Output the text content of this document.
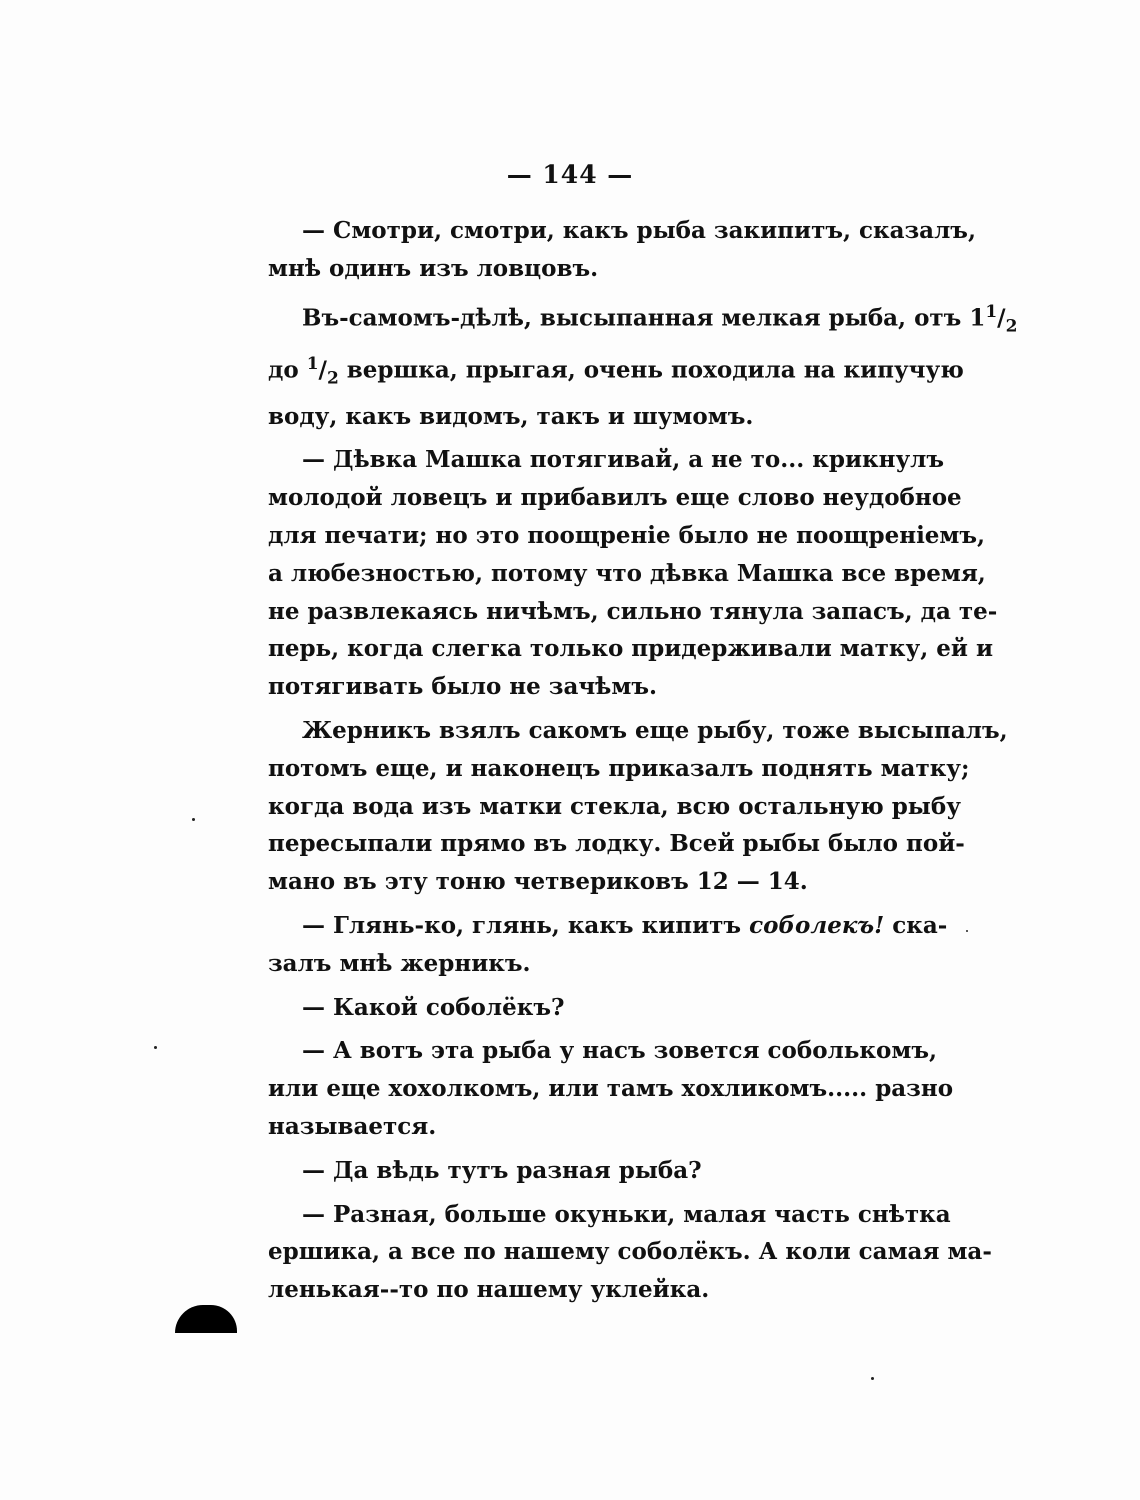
— 144 —

— Смотри, смотри, какъ рыба закипитъ, сказалъ,
мнѣ одинъ изъ ловцовъ.

Въ-самомъ-дѣлѣ, высыпанная мелкая рыба, отъ $1^1/_2$
до $^1/_2$ вершка, прыгая, очень походила на кипучую
воду, какъ видомъ, такъ и шумомъ.

— Дѣвка Машка потягивай, а не то... крикнулъ
молодой ловецъ и прибавилъ еще слово неудобное
для печати; но это поощренiе было не поощренiемъ,
а любезностью, потому что дѣвка Машка все время,
не развлекаясь ничѣмъ, сильно тянула запасъ, да те-
перь, когда слегка только придерживали матку, ей и
потягивать было не зачѣмъ.

Жерникъ взялъ сакомъ еще рыбу, тоже высыпалъ,
потомъ еще, и наконецъ приказалъ поднять матку;
когда вода изъ матки стекла, всю остальную рыбу
пересыпали прямо въ лодку. Всей рыбы было пой-
мано въ эту тоню четвериковъ 12 — 14.

— Глянь-ко, глянь, какъ кипитъ соболекъ! ска-
залъ мнѣ жерникъ.

— Какой соболёкъ?

— А вотъ эта рыба у насъ зовется соболькомъ,
или еще хохолкомъ, или тамъ хохликомъ..... разно
называется.

— Да вѣдь тутъ разная рыба?

— Разная, больше окуньки, малая часть снѣтка
ершика, а все по нашему соболёкъ. А коли самая ма-
ленькая--то по нашему уклейка.
